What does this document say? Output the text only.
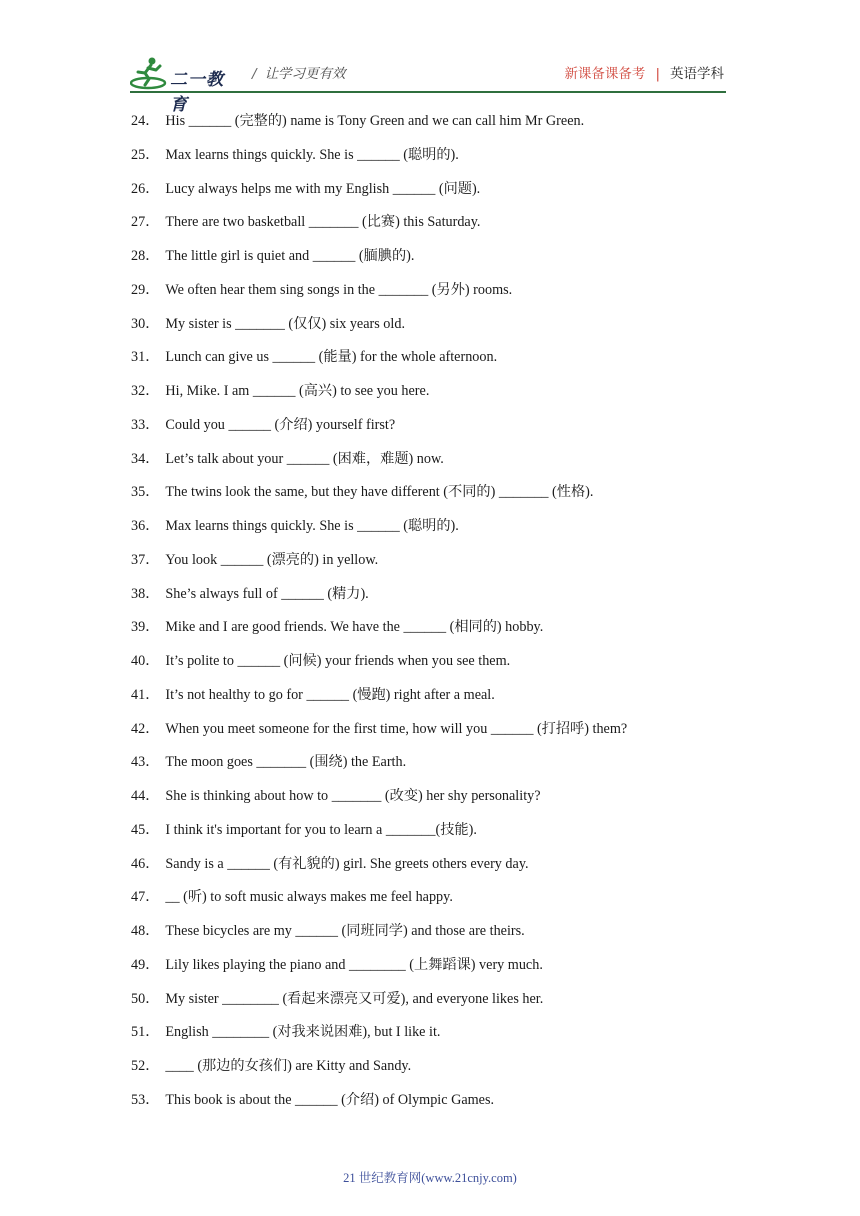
二一教育
/ 让学习更有效	新课备课备考 | 英语学科
24． His ______ (完整的) name is Tony Green and we can call him Mr Green.
25． Max learns things quickly. She is ______ (聪明的).
26． Lucy always helps me with my English ______ (问题).
27． There are two basketball _______ (比赛) this Saturday.
28． The little girl is quiet and ______ (腼腆的).
29． We often hear them sing songs in the _______ (另外) rooms.
30． My sister is _______ (仅仅) six years old.
31． Lunch can give us ______ (能量) for the whole afternoon.
32． Hi, Mike. I am ______ (高兴) to see you here.
33． Could you ______ (介绍) yourself first?
34． Let’s talk about your ______ (困难，难题) now.
35． The twins look the same, but they have different (不同的) _______ (性格).
36． Max learns things quickly. She is ______ (聪明的).
37． You look ______ (漂亮的) in yellow.
38． She’s always full of ______ (精力).
39． Mike and I are good friends. We have the ______ (相同的) hobby.
40． It’s polite to ______ (问候) your friends when you see them.
41． It’s not healthy to go for ______ (慢跑) right after a meal.
42． When you meet someone for the first time, how will you ______ (打招呼) them?
43． The moon goes _______ (围绕) the Earth.
44． She is thinking about how to _______ (改变) her shy personality?
45． I think it's important for you to learn a _______(技能).
46． Sandy is a ______ (有礼貌的) girl. She greets others every day.
47． __ (听) to soft music always makes me feel happy.
48． These bicycles are my ______ (同班同学) and those are theirs.
49． Lily likes playing the piano and ________ (上舞蹈课) very much.
50． My sister ________ (看起来漂亮又可爱), and everyone likes her.
51． English ________ (对我来说困难), but I like it.
52． ____ (那边的女孩们) are Kitty and Sandy.
53． This book is about the ______ (介绍) of Olympic Games.
21 世纪教育网(www.21cnjy.com)
